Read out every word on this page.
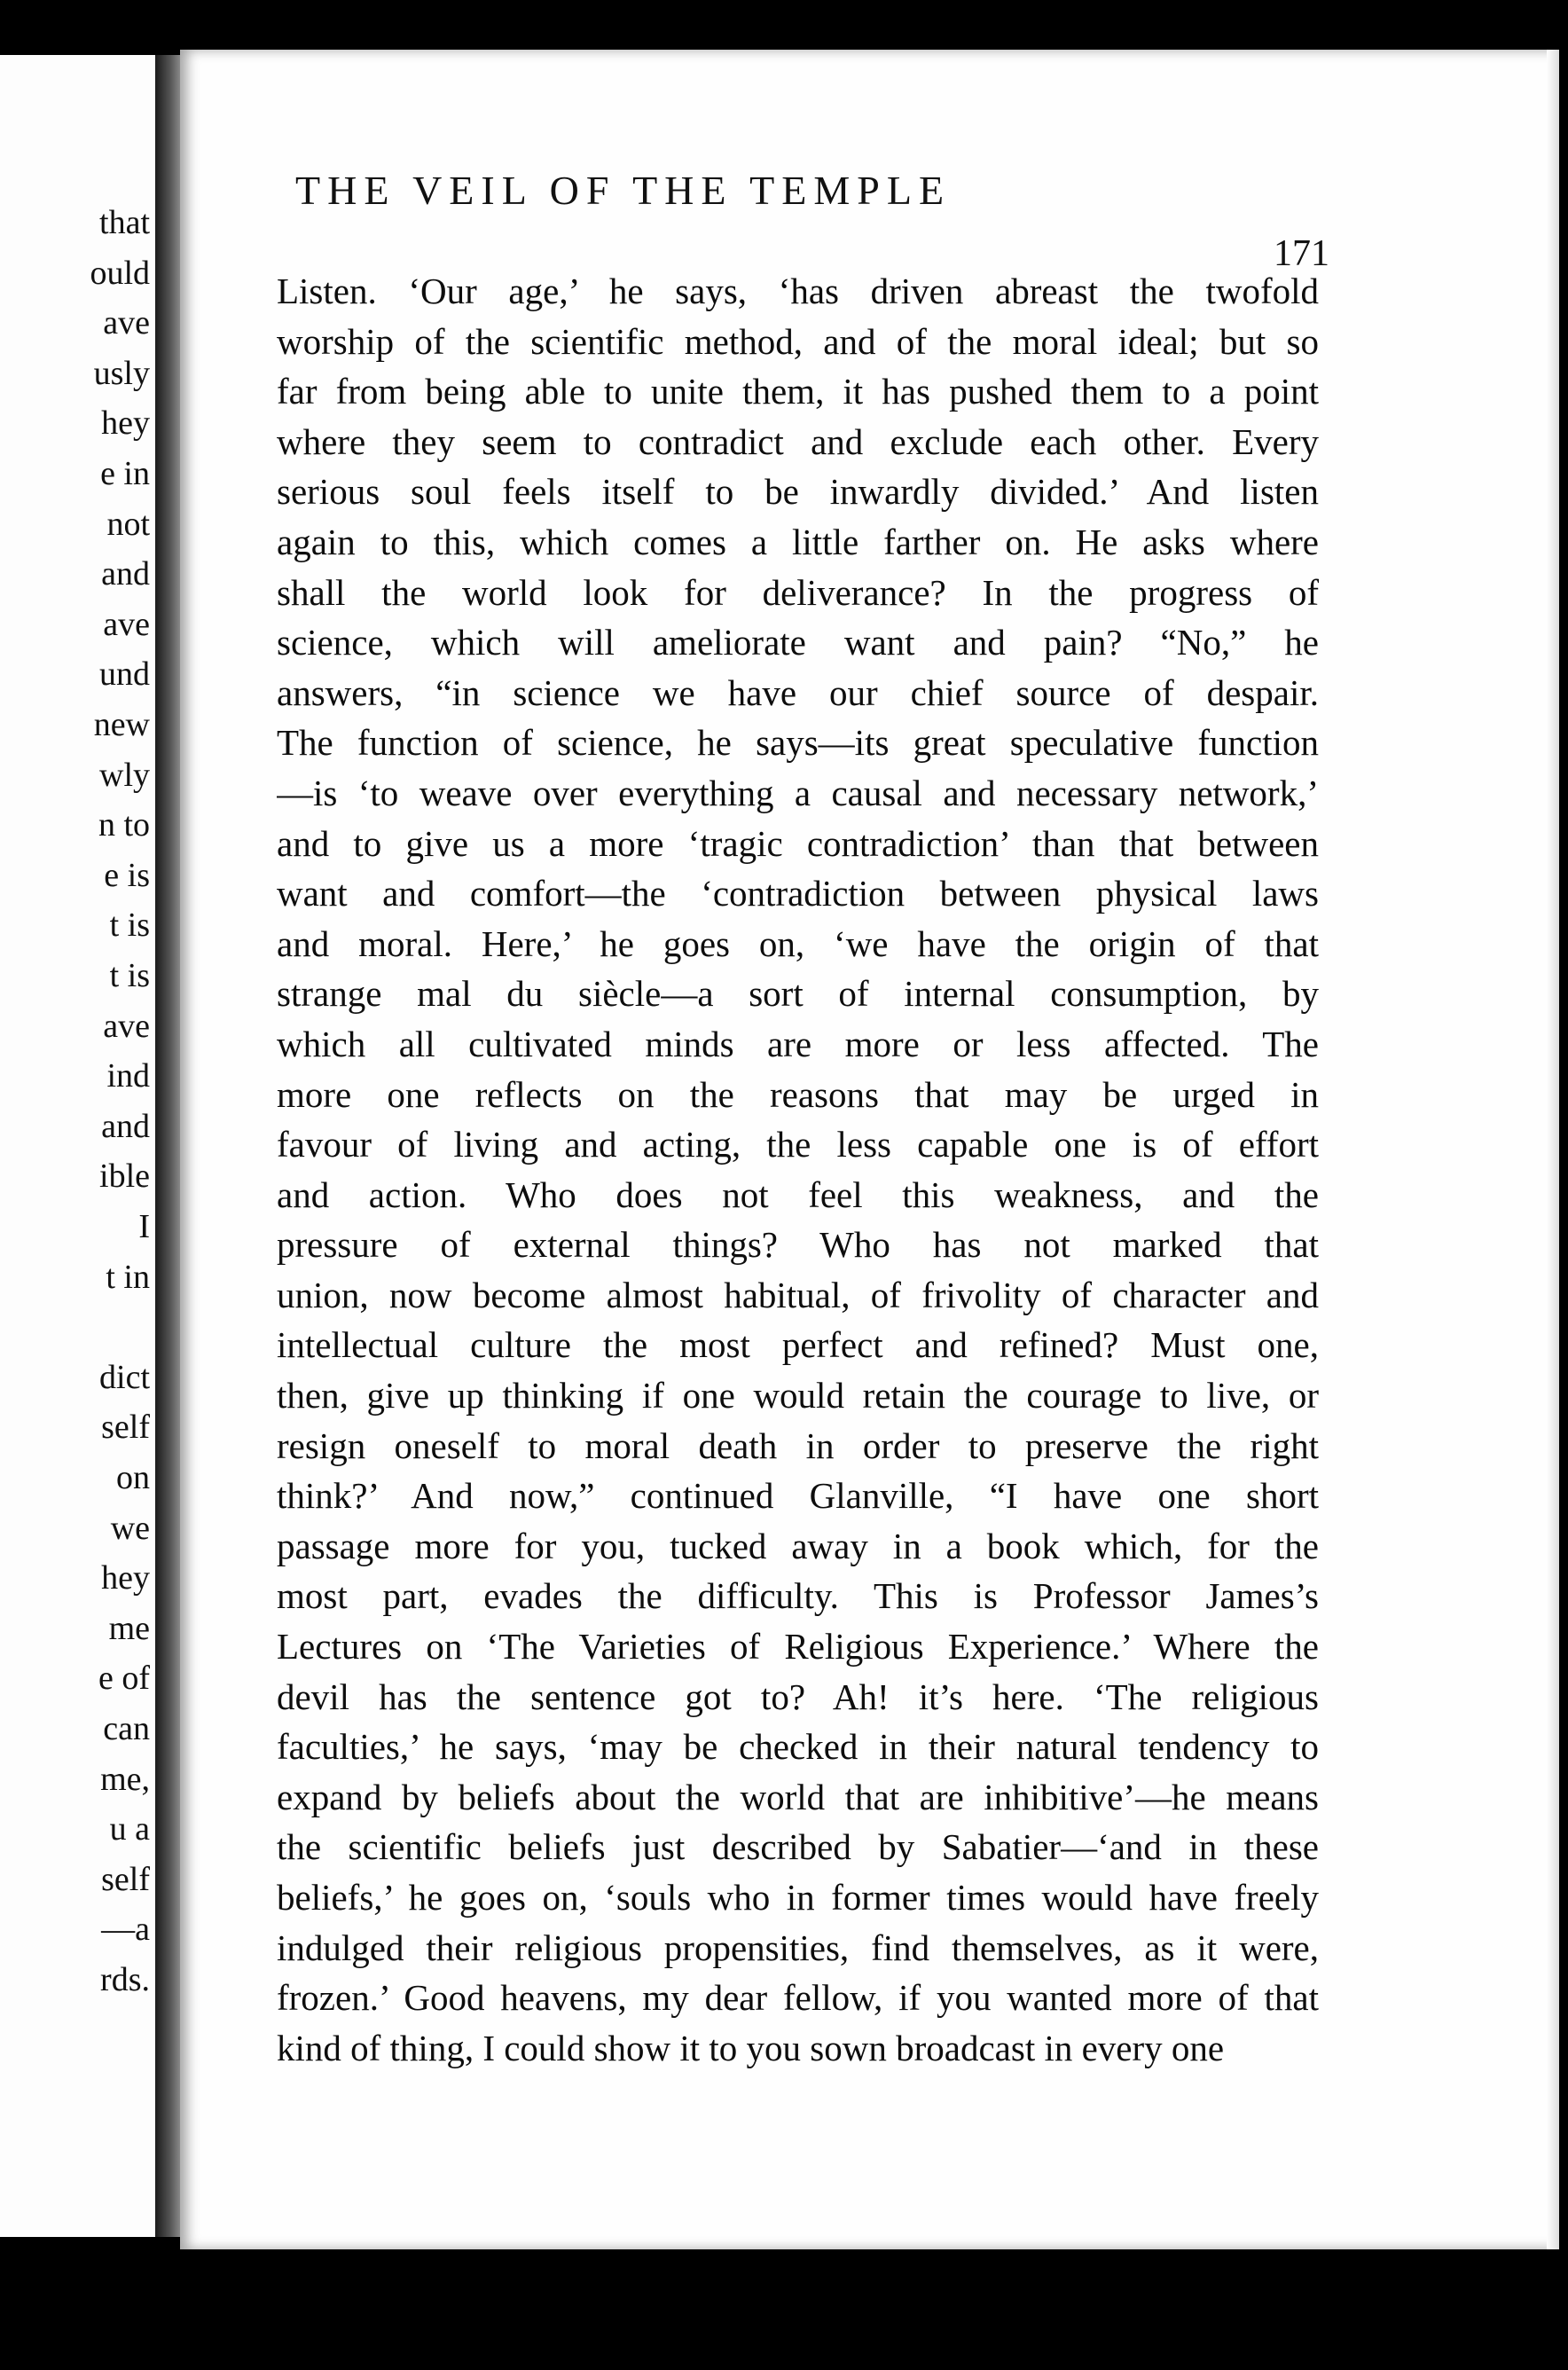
that
ould
ave
usly
hey
e in
not
and
ave
und
new
wly
n to
e is
t is
t is
ave
ind
and
ible
I
t in
dict
self
on
we
hey
me
e of
can
me,
u a
self
—a
rds.
THE VEIL OF THE TEMPLE
171
Listen. ‘Our age,’ he says, ‘has driven abreast the twofold
worship of the scientific method, and of the moral ideal; but so
far from being able to unite them, it has pushed them to a point
where they seem to contradict and exclude each other. Every
serious soul feels itself to be inwardly divided.’ And listen
again to this, which comes a little farther on. He asks where
shall the world look for deliverance? In the progress of
science, which will ameliorate want and pain? “No,” he
answers, “in science we have our chief source of despair.
The function of science, he says—its great speculative function
—is ‘to weave over everything a causal and necessary network,’
and to give us a more ‘tragic contradiction’ than that between
want and comfort—the ‘contradiction between physical laws
and moral. Here,’ he goes on, ‘we have the origin of that
strange mal du siècle—a sort of internal consumption, by
which all cultivated minds are more or less affected. The
more one reflects on the reasons that may be urged in
favour of living and acting, the less capable one is of effort
and action. Who does not feel this weakness, and the
pressure of external things? Who has not marked that
union, now become almost habitual, of frivolity of character and
intellectual culture the most perfect and refined? Must one,
then, give up thinking if one would retain the courage to live, or
resign oneself to moral death in order to preserve the right
think?’ And now,” continued Glanville, “I have one short
passage more for you, tucked away in a book which, for the
most part, evades the difficulty. This is Professor James’s
Lectures on ‘The Varieties of Religious Experience.’ Where the
devil has the sentence got to? Ah! it’s here. ‘The religious
faculties,’ he says, ‘may be checked in their natural tendency to
expand by beliefs about the world that are inhibitive’—he means
the scientific beliefs just described by Sabatier—‘and in these
beliefs,’ he goes on, ‘souls who in former times would have freely
indulged their religious propensities, find themselves, as it were,
frozen.’ Good heavens, my dear fellow, if you wanted more of that
kind of thing, I could show it to you sown broadcast in every one
